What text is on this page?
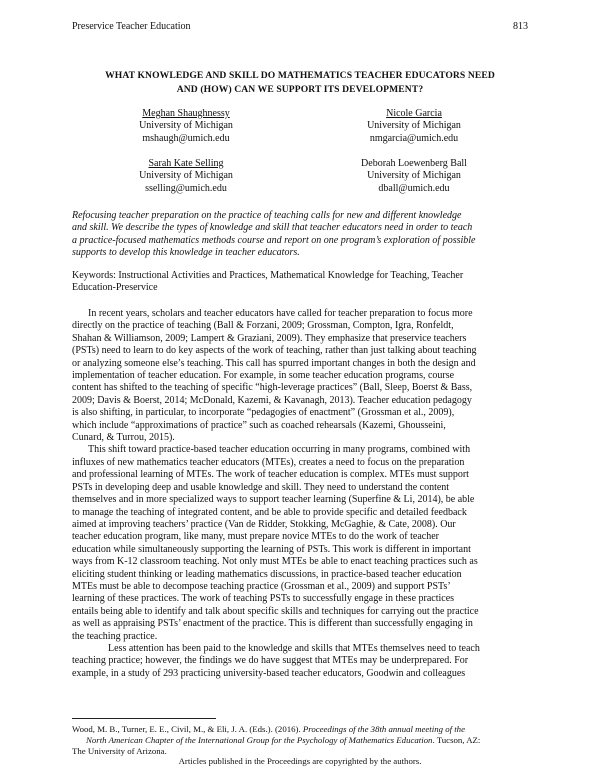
Preservice Teacher Education	813
WHAT KNOWLEDGE AND SKILL DO MATHEMATICS TEACHER EDUCATORS NEED
AND (HOW) CAN WE SUPPORT ITS DEVELOPMENT?
Meghan Shaughnessy
University of Michigan
mshaugh@umich.edu
Nicole Garcia
University of Michigan
nmgarcia@umich.edu
Sarah Kate Selling
University of Michigan
sselling@umich.edu
Deborah Loewenberg Ball
University of Michigan
dball@umich.edu
Refocusing teacher preparation on the practice of teaching calls for new and different knowledge
and skill. We describe the types of knowledge and skill that teacher educators need in order to teach
a practice-focused mathematics methods course and report on one program’s exploration of possible
supports to develop this knowledge in teacher educators.
Keywords: Instructional Activities and Practices, Mathematical Knowledge for Teaching, Teacher
Education-Preservice

In recent years, scholars and teacher educators have called for teacher preparation to focus more
directly on the practice of teaching (Ball & Forzani, 2009; Grossman, Compton, Igra, Ronfeldt,
Shahan & Williamson, 2009; Lampert & Graziani, 2009). They emphasize that preservice teachers
(PSTs) need to learn to do key aspects of the work of teaching, rather than just talking about teaching
or analyzing someone else’s teaching. This call has spurred important changes in both the design and
implementation of teacher education. For example, in some teacher education programs, course
content has shifted to the teaching of specific “high-leverage practices” (Ball, Sleep, Boerst & Bass,
2009; Davis & Boerst, 2014; McDonald, Kazemi, & Kavanagh, 2013). Teacher education pedagogy
is also shifting, in particular, to incorporate “pedagogies of enactment” (Grossman et al., 2009),
which include “approximations of practice” such as coached rehearsals (Kazemi, Ghousseini,
Cunard, & Turrou, 2015).

This shift toward practice-based teacher education occurring in many programs, combined with
influxes of new mathematics teacher educators (MTEs), creates a need to focus on the preparation
and professional learning of MTEs. The work of teacher education is complex. MTEs must support
PSTs in developing deep and usable knowledge and skill. They need to understand the content
themselves and in more specialized ways to support teacher learning (Superfine & Li, 2014), be able
to manage the teaching of integrated content, and be able to provide specific and detailed feedback
aimed at improving teachers’ practice (Van de Ridder, Stokking, McGaghie, & Cate, 2008). Our
teacher education program, like many, must prepare novice MTEs to do the work of teacher
education while simultaneously supporting the learning of PSTs. This work is different in important
ways from K-12 classroom teaching. Not only must MTEs be able to enact teaching practices such as
eliciting student thinking or leading mathematics discussions, in practice-based teacher education
MTEs must be able to decompose teaching practice (Grossman et al., 2009) and support PSTs’
learning of these practices. The work of teaching PSTs to successfully engage in these practices
entails being able to identify and talk about specific skills and techniques for carrying out the practice
as well as appraising PSTs’ enactment of the practice. This is different than successfully engaging in
the teaching practice.

Less attention has been paid to the knowledge and skills that MTEs themselves need to teach
teaching practice; however, the findings we do have suggest that MTEs may be underprepared. For
example, in a study of 293 practicing university-based teacher educators, Goodwin and colleagues

Wood, M. B., Turner, E. E., Civil, M., & Eli, J. A. (Eds.). (2016). Proceedings of the 38th annual meeting of the
North American Chapter of the International Group for the Psychology of Mathematics Education. Tucson, AZ:
The University of Arizona.
Articles published in the Proceedings are copyrighted by the authors.
